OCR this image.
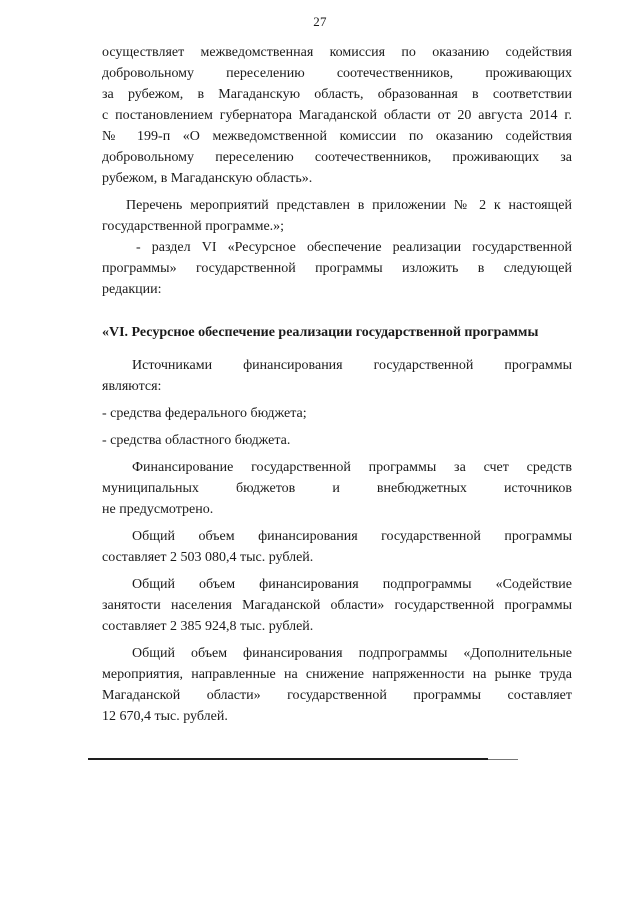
27
осуществляет межведомственная комиссия по оказанию содействия
добровольному переселению соотечественников, проживающих
за рубежом, в Магаданскую область, образованная в соответствии
с постановлением губернатора Магаданской области от 20 августа 2014 г.
№ 199-п «О межведомственной комиссии по оказанию содействия
добровольному переселению соотечественников, проживающих за
рубежом, в Магаданскую область».
Перечень мероприятий представлен в приложении № 2 к настоящей
государственной программе.»;
- раздел VI «Ресурсное обеспечение реализации государственной
программы» государственной программы изложить в следующей
редакции:
«VI. Ресурсное обеспечение реализации государственной программы
Источниками финансирования государственной программы
являются:
- средства федерального бюджета;
- средства областного бюджета.
Финансирование государственной программы за счет средств
муниципальных бюджетов и внебюджетных источников
не предусмотрено.
Общий объем финансирования государственной программы
составляет 2 503 080,4 тыс. рублей.
Общий объем финансирования подпрограммы «Содействие
занятости населения Магаданской области» государственной программы
составляет 2 385 924,8 тыс. рублей.
Общий объем финансирования подпрограммы «Дополнительные
мероприятия, направленные на снижение напряженности на рынке труда
Магаданской области» государственной программы составляет
12 670,4 тыс. рублей.
